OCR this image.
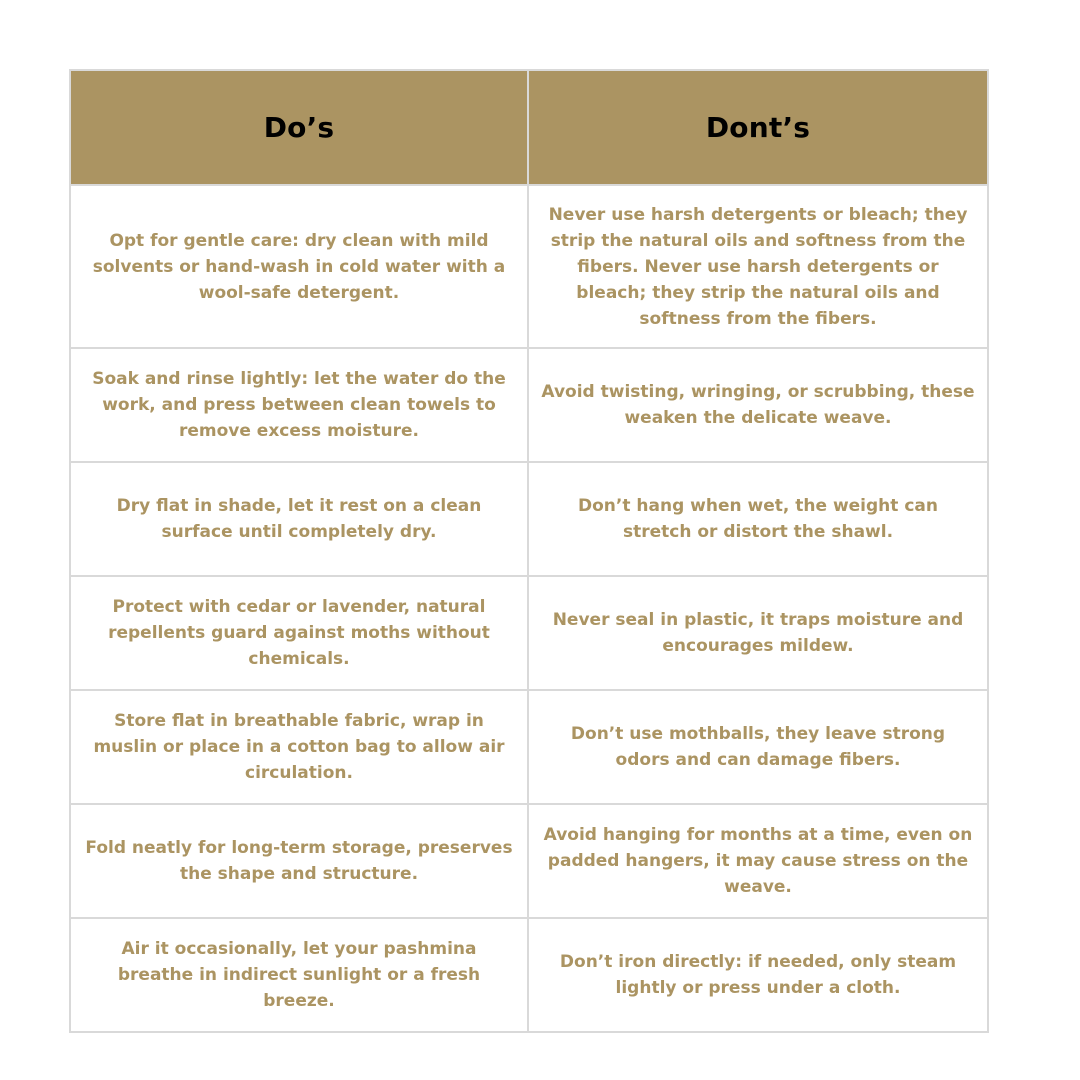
Do’s	Dont’s
Opt for gentle care: dry clean with mild solvents or hand-wash in cold water with a wool-safe detergent.	Never use harsh detergents or bleach; they strip the natural oils and softness from the fibers. Never use harsh detergents or bleach; they strip the natural oils and softness from the fibers.
Soak and rinse lightly: let the water do the work, and press between clean towels to remove excess moisture.	Avoid twisting, wringing, or scrubbing, these weaken the delicate weave.
Dry flat in shade, let it rest on a clean surface until completely dry.	Don’t hang when wet, the weight can stretch or distort the shawl.
Protect with cedar or lavender, natural repellents guard against moths without chemicals.	Never seal in plastic, it traps moisture and encourages mildew.
Store flat in breathable fabric, wrap in muslin or place in a cotton bag to allow air circulation.	Don’t use mothballs, they leave strong odors and can damage fibers.
Fold neatly for long-term storage, preserves the shape and structure.	Avoid hanging for months at a time, even on padded hangers, it may cause stress on the weave.
Air it occasionally, let your pashmina breathe in indirect sunlight or a fresh breeze.	Don’t iron directly: if needed, only steam lightly or press under a cloth.
